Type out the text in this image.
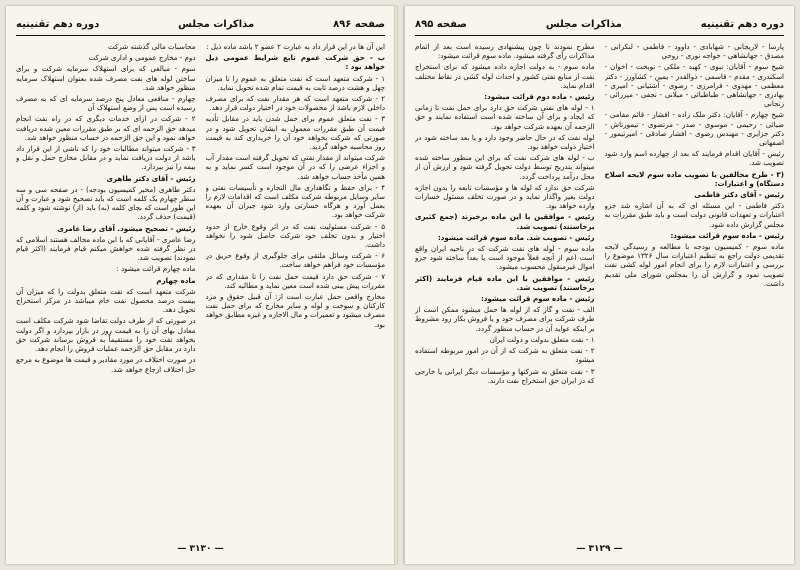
صفحه ۸۹۶
مذاکرات مجلس
دوره دهم تقنینیه

محاسبات مالی گذشته شرکت

دوم - مخارج عمومی و اداری شرکت

سوم - مبالغی که برای استهلاک سرمایه شرکت و برای ساختن لوله های نفت مصرف شده بعنوان استهلاک سرمایه منظور خواهد شد.

چهارم - منافعی معادل پنج درصد سرمایه ای که به مصرف رسیده است پس از وضع استهلاک آن

۲ - شرکت در ازای خدمات دیگری که در راه نفت انجام میدهد حق الزحمه ای که بر طبق مقررات معین شده دریافت خواهد نمود و این حق الزحمه در حساب منظور خواهد شد.

۳ - شرکت میتواند مطالبات خود را که ناشی از این قرار داد باشد از دولت دریافت نماید و در مقابل مخارج حمل و نقل و بیمه را نیز بپردازد.

رئیس - آقای دکتر طاهری

دکتر طاهری (مخبر کمیسیون بودجه) - در صفحه سی و سه سطر چهارم یک کلمه است که باید تصحیح شود و عبارت و آن این طور است که بجای کلمه (به) باید (از) نوشته شود و کلمه (قیمت) حذف گردد.

رئیس - تصحیح میشود. آقای رضا عامری

رضا عامری - آقایانی که با این ماده مخالف هستند اسلامی که در نظر گرفته شده خواهش میکنم قیام فرمایند (اکثر قیام نمودند) تصویب شد.

ماده چهارم قرائت میشود :

ماده چهارم

شرکت متعهد است که نفت متعلق بدولت را که میزان آن بیست درصد محصول نفت خام میباشد در مرکز استخراج تحویل دهد.

در صورتی که از طرف دولت تقاضا شود شرکت مکلف است معادل بهای آن را به قیمت روز در بازار بپردازد و اگر دولت بخواهد نفت خود را مستقیماً به فروش برساند شرکت حق دارد در مقابل حق الزحمه عملیات فروش را انجام دهد.

در صورت اختلاف در مورد مقادیر و قیمت ها موضوع به مرجع حل اختلاف ارجاع خواهد شد.

این آن ها در این قرار داد به عبارت ۲ عضو ۲ باشد ماده ذیل :

ب - حق شرکت عموم تابع شرایط عمومی ذیل خواهد بود :

۱ - شرکت متعهد است که نفت متعلق به عموم را تا میزان چهل و هشت درصد ثابت به قیمت تمام شده تحویل نماید.

۲ - شرکت متعهد است که هر مقدار نفت که برای مصرف داخلی لازم باشد از محصولات خود در اختیار دولت قرار دهد.

۳ - نفت متعلق عموم برای حمل شدن باید در مقابل تأدیه قیمت آن طبق مقررات معمول به ایشان تحویل شود و در صورتی که شرکت بخواهد خود آن را خریداری کند به قیمت روز محاسبه خواهد گردید.

شرکت میتواند از مقدار نفتی که تحویل گرفته است مقدار آب و اجزاء عرضی را که در آن موجود است کسر نماید و به همین مأخذ حساب خواهد شد.

۴ - برای حفظ و نگاهداری مال التجاره و تأسیسات نفتی و سایر وسایل مربوطه شرکت مکلف است که اقدامات لازم را بعمل آورد و هرگاه خسارتی وارد شود جبران آن بعهده شرکت خواهد بود.

۵ - شرکت مسئولیت نفت که در اثر وقوع خارج از حدود اختیار و بدون تخلف خود شرکت حاصل شود را نخواهد داشت.

۶ - شرکت وسائل ملتقی برای جلوگیری از وقوع حریق در مؤسسات خود فراهم خواهد ساخت.

۷ - شرکت حق دارد قیمت حمل نفت را تا مقداری که در مقررات پیش بینی شده است معین نماید و مطالبه کند.

مخارج واقعی حمل عبارت است از: آن قبیل حقوق و مزد کارکنان و سوخت و لوله و سایر مخارج که برای حمل نفت مصرف میشود و تعمیرات و مال الاجاره و غیره مطابق خواهد بود.

— ۳۱۳۰ —
دوره دهم تقنینیه
مذاکرات مجلس
صفحه ۸۹۵

مطرح نمودند تا چون پیشنهادی رسیده است بعد از اتمام مذاکرات رأی گرفته میشود. ماده سوم قرائت میشود:

ماده سوم - به دولت اجازه داده میشود که برای استخراج نفت از منابع نفتی کشور و احداث لوله کشی در نقاط مختلف اقدام نماید.

رئیس - ماده دوم قرائت میشود:

۱ - لوله های نفتی شرکت حق دارد برای حمل نفت تا زمانی که ایجاد و برای آن ساخته شده است استفاده نمایند و حق الزحمه آن بعهده شرکت خواهد بود.

لوله نفت که در حال حاضر وجود دارد و یا بعد ساخته شود در اختیار دولت خواهد بود.

ب - لوله های شرکت نفت که برای این منظور ساخته شده میتواند بتدریج توسط دولت تحویل گرفته شود و ارزش آن از محل درآمد پرداخت گردد.

شرکت حق ندارد که لوله ها و مؤسسات تابعه را بدون اجازه دولت بغیر واگذار نماید و در صورت تخلف مسئول خسارات وارده خواهد بود.

رئیس - موافقین با این ماده برخیزند (جمع کثیری برخاستند) تصویب شد.

رئیس - تصویب شد. ماده سوم قرائت میشود:

ماده سوم - لوله های نفت شرکت که در ناحیه ایران واقع است اعم از آنچه فعلاً موجود است یا بعداً ساخته شود جزو اموال غیرمنقول محسوب میشود.

رئیس - موافقین با این ماده قیام فرمایند (اکثر برخاستند) تصویب شد.

رئیس - ماده سوم قرائت میشود:

الف - نفت و گاز که از لوله ها حمل میشود ممکن است از طرف شرکت برای مصرف خود و یا فروش بکار رود مشروط بر اینکه عواید آن در حساب منظور گردد.

۱ - نفت متعلق بدولت و دولت ایران

۲ - نفت متعلق به شرکت که از آن در امور مربوطه استفاده میشود

۳ - نفت متعلق به شرکتها و مؤسسات دیگر ایرانی یا خارجی که در ایران حق استخراج نفت دارند.

پارسا - لاریجانی - شهابادی - داوود - فاطمی - لنکرانی - مصدق - جهانشاهی - خواجه نوری - روحی

شیخ سوم - آقایان: نبوی - کهبد - ملکی - نوبخت - اخوان - اسکندری - مقدم - قاسمی - ذوالقدر - یمین - کشاورز - دکتر معظمی - مهدوی - فرامرزی - رضوی - آشتیانی - امیری - بهادری - جهانشاهی - طباطبائی - میلانی - نجفی - میرزائی - زنجانی

شیخ چهارم - آقایان: دکتر ملک زاده - افشار - قائم مقامی - ضیائی - رحیمی - موسوی - صدر - مرتضوی - تیمورتاش - دکتر جزایری - مهندس رضوی - افشار صادقی - امیرتیمور - اصفهانی

رئیس - آقایان اقدام فرمایند که بعد از چهارده اسم وارد شود تصویب شد.

(۳ - طرح مخالفین با تصویب ماده سوم لایحه اصلاح دستگاه) و اعتبارات:

رئیس - آقای دکتر فاطمی

دکتر فاطمی - این مسئله ای که به آن اشاره شد جزو اعتبارات و تعهدات قانونی دولت است و باید طبق مقررات به مجلس گزارش داده شود.

رئیس - ماده سوم قرائت میشود:

ماده سوم - کمیسیون بودجه با مطالعه و رسیدگی لایحه تقدیمی دولت راجع به تنظیم اعتبارات سال ۱۳۲۶ موضوع را بررسی و اعتبارات لازم را برای انجام امور لوله کشی نفت تصویب نمود و گزارش آن را بمجلس شورای ملی تقدیم داشت.

— ۳۱۲۹ —
